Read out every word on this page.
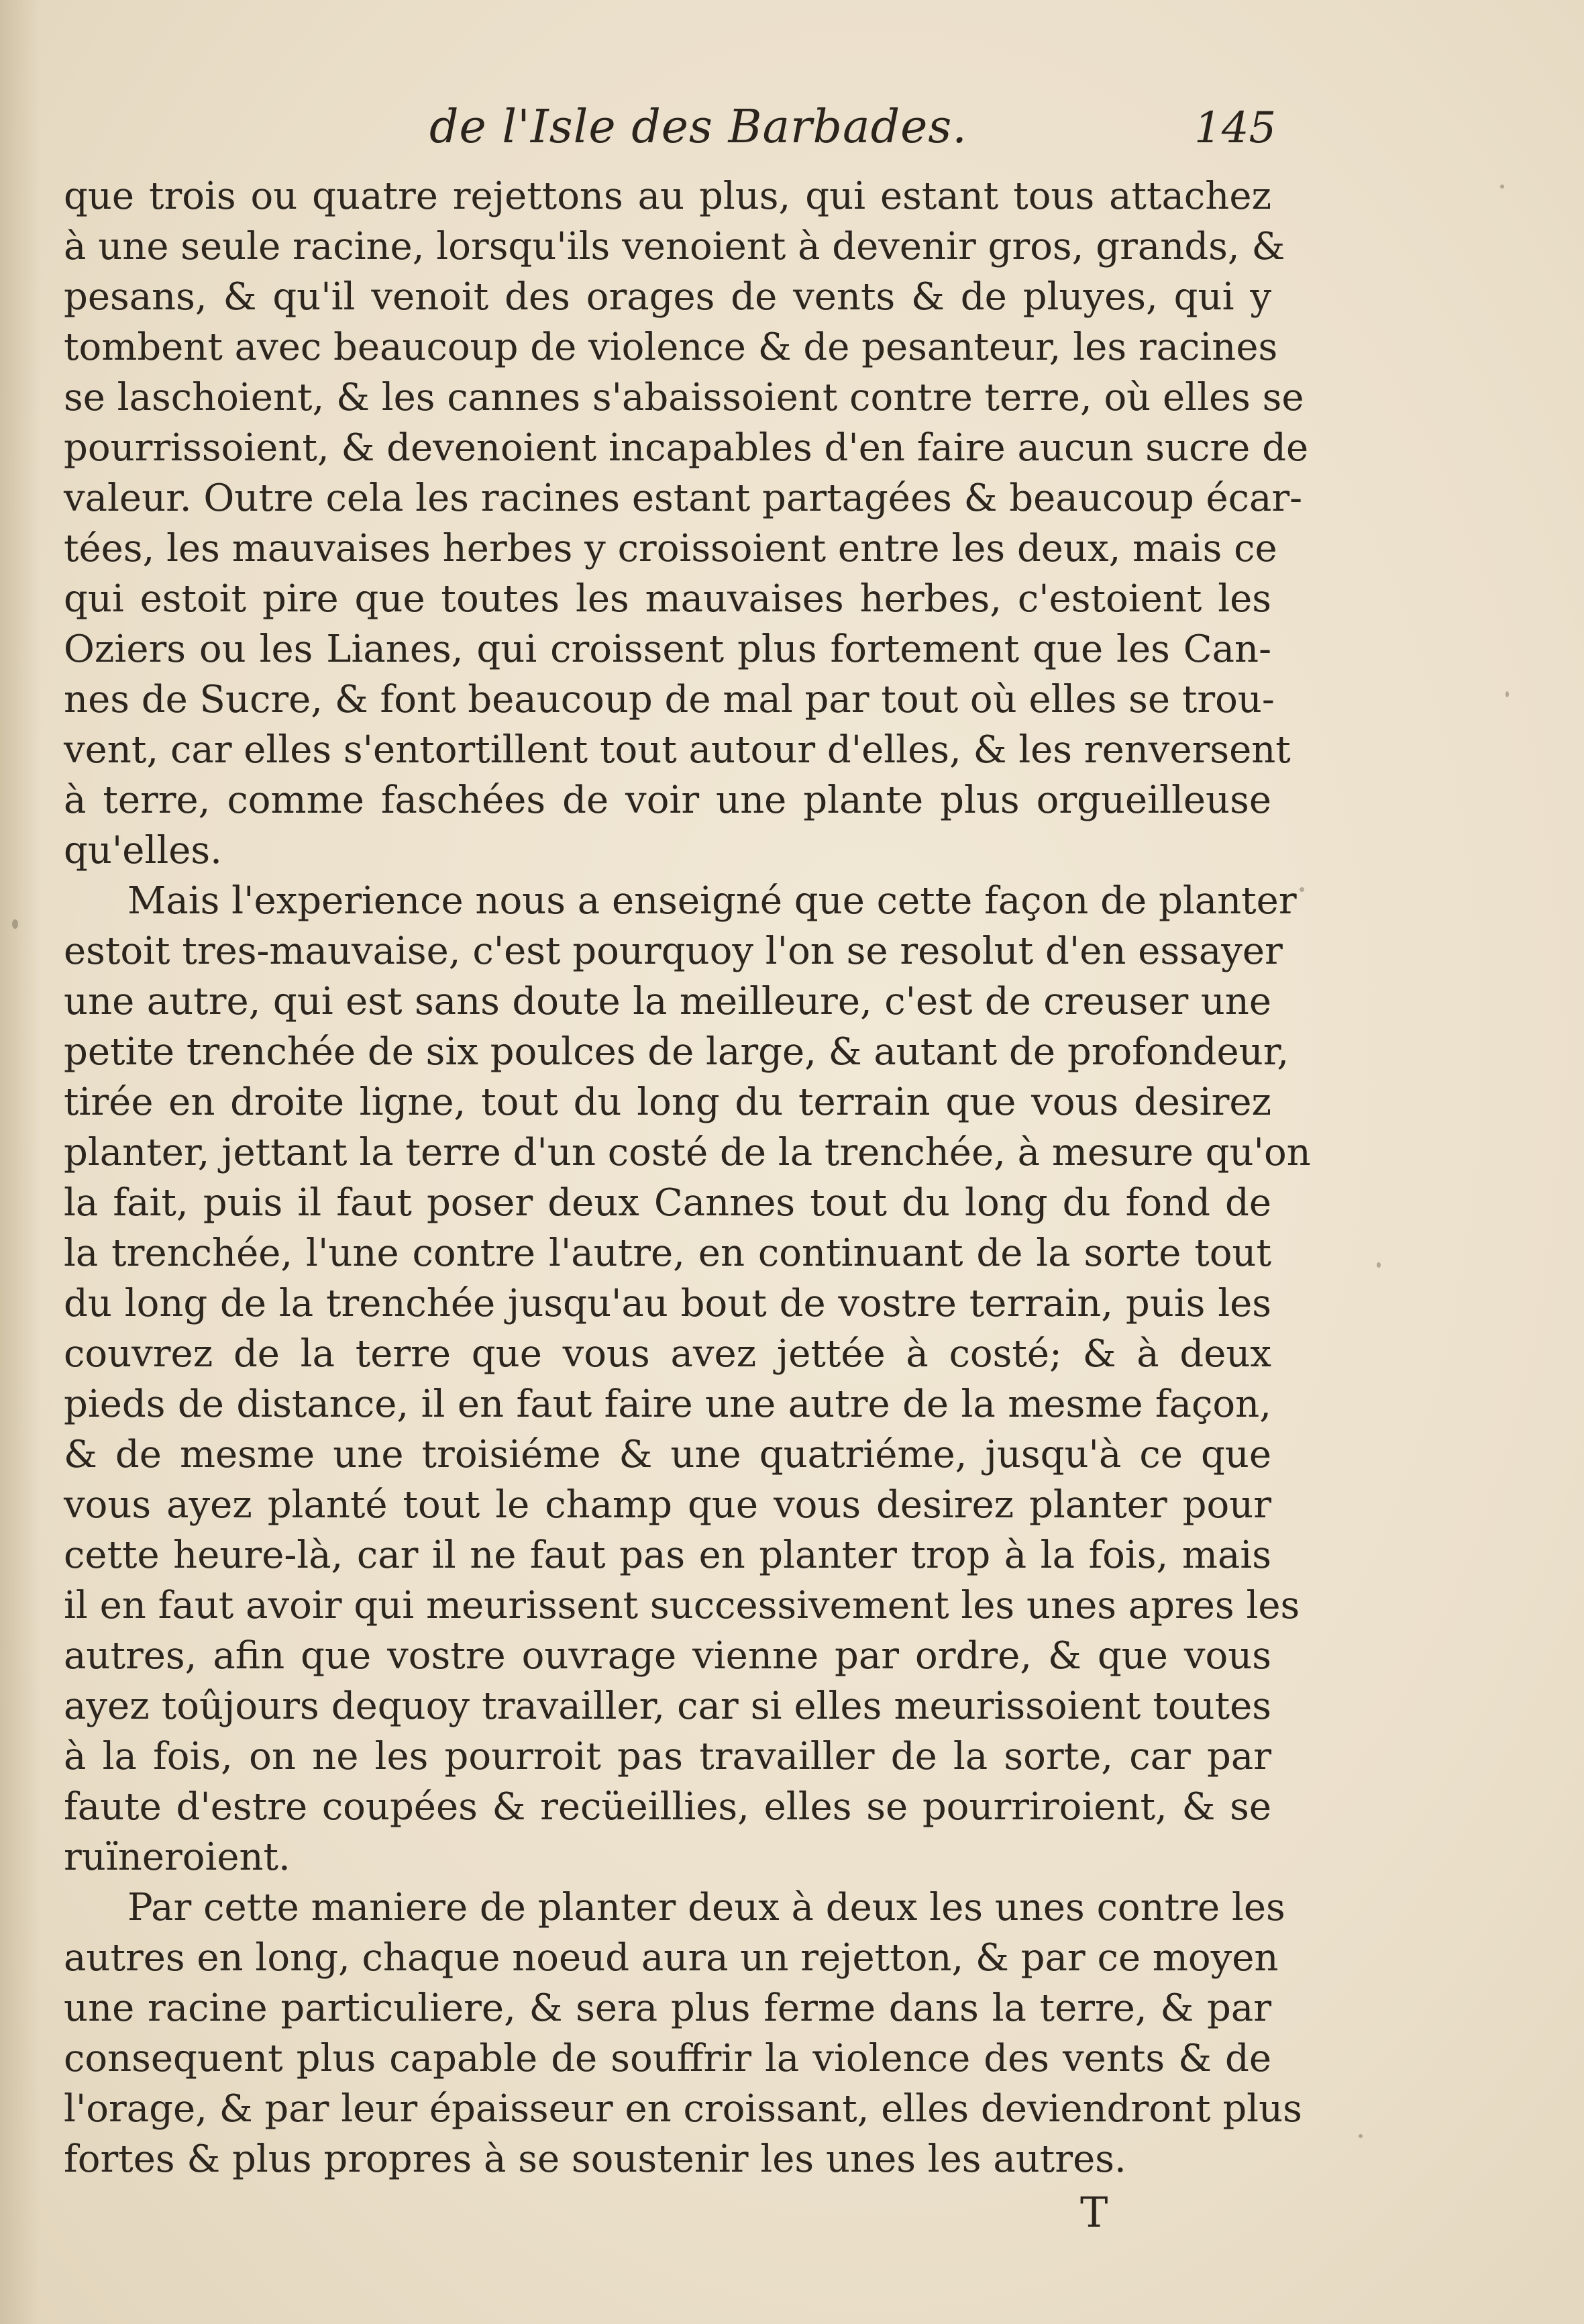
de l'Isle des Barbades.	145
que trois ou quatre rejettons au plus, qui estant tous attachez
à une seule racine, lorsqu'ils venoient à devenir gros, grands, &
pesans, & qu'il venoit des orages de vents & de pluyes, qui y
tombent avec beaucoup de violence & de pesanteur, les racines
se laschoient, & les cannes s'abaissoient contre terre, où elles se
pourrissoient, & devenoient incapables d'en faire aucun sucre de
valeur. Outre cela les racines estant partagées & beaucoup écar-
tées, les mauvaises herbes y croissoient entre les deux, mais ce
qui estoit pire que toutes les mauvaises herbes, c'estoient les
Oziers ou les Lianes, qui croissent plus fortement que les Can-
nes de Sucre, & font beaucoup de mal par tout où elles se trou-
vent, car elles s'entortillent tout autour d'elles, & les renversent
à terre, comme faschées de voir une plante plus orgueilleuse
qu'elles.
Mais l'experience nous a enseigné que cette façon de planter
estoit tres-mauvaise, c'est pourquoy l'on se resolut d'en essayer
une autre, qui est sans doute la meilleure, c'est de creuser une
petite trenchée de six poulces de large, & autant de profondeur,
tirée en droite ligne, tout du long du terrain que vous desirez
planter, jettant la terre d'un costé de la trenchée, à mesure qu'on
la fait, puis il faut poser deux Cannes tout du long du fond de
la trenchée, l'une contre l'autre, en continuant de la sorte tout
du long de la trenchée jusqu'au bout de vostre terrain, puis les
couvrez de la terre que vous avez jettée à costé; & à deux
pieds de distance, il en faut faire une autre de la mesme façon,
& de mesme une troisiéme & une quatriéme, jusqu'à ce que
vous ayez planté tout le champ que vous desirez planter pour
cette heure-là, car il ne faut pas en planter trop à la fois, mais
il en faut avoir qui meurissent successivement les unes apres les
autres, afin que vostre ouvrage vienne par ordre, & que vous
ayez toûjours dequoy travailler, car si elles meurissoient toutes
à la fois, on ne les pourroit pas travailler de la sorte, car par
faute d'estre coupées & recüeillies, elles se pourriroient, & se
ruïneroient.
Par cette maniere de planter deux à deux les unes contre les
autres en long, chaque noeud aura un rejetton, & par ce moyen
une racine particuliere, & sera plus ferme dans la terre, & par
consequent plus capable de souffrir la violence des vents & de
l'orage, & par leur épaisseur en croissant, elles deviendront plus
fortes & plus propres à se soustenir les unes les autres.
T
